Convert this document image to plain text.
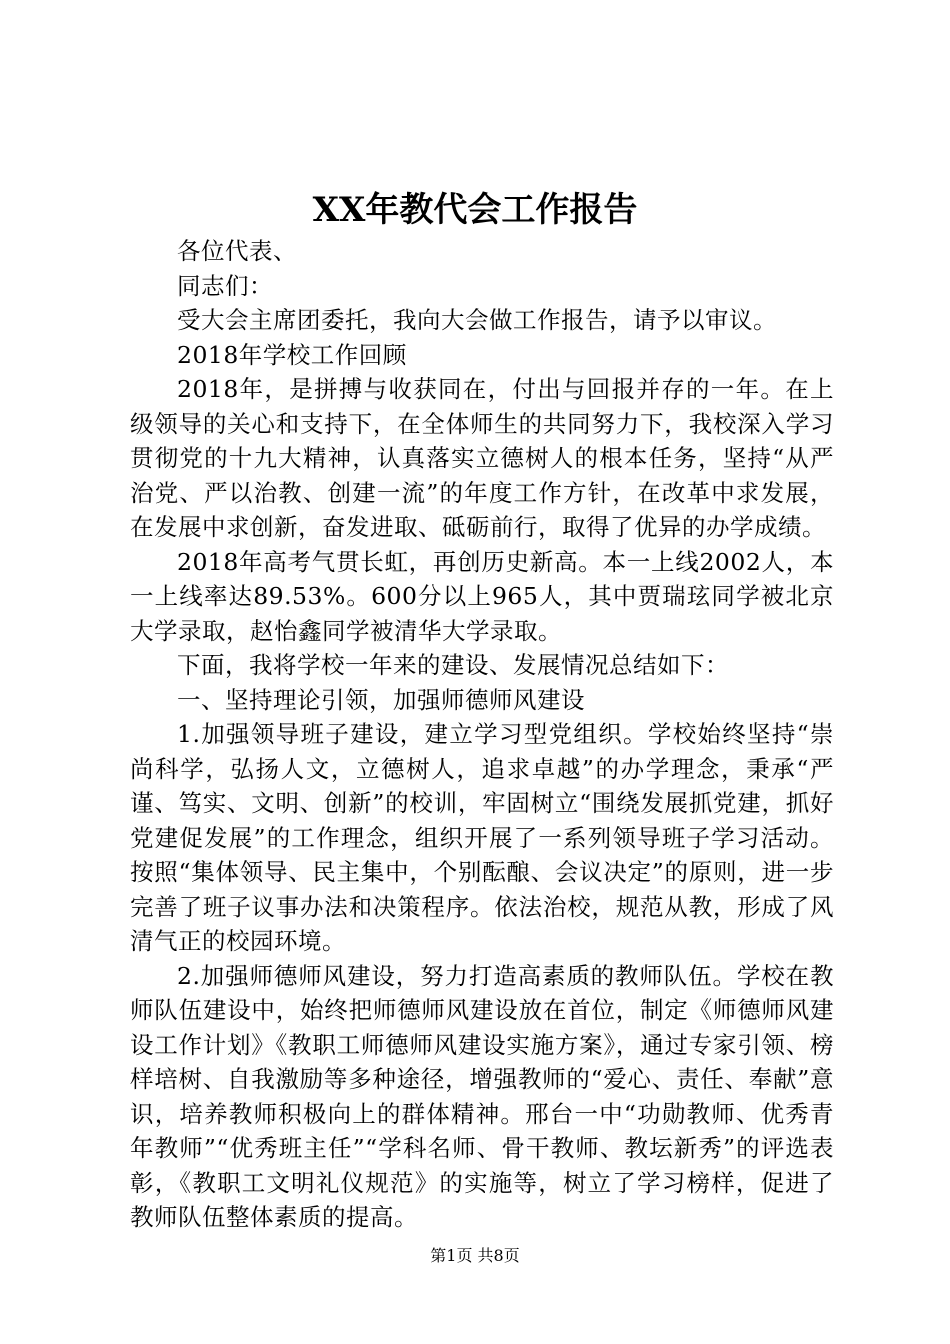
XX年教代会工作报告

各位代表、

同志们：

受大会主席团委托，我向大会做工作报告，请予以审议。

2018年学校工作回顾

2018年，是拼搏与收获同在，付出与回报并存的一年。在上级领导的关心和支持下，在全体师生的共同努力下，我校深入学习贯彻党的十九大精神，认真落实立德树人的根本任务，坚持“从严治党、严以治教、创建一流”的年度工作方针，在改革中求发展，在发展中求创新，奋发进取、砥砺前行，取得了优异的办学成绩。

2018年高考气贯长虹，再创历史新高。本一上线2002人，本一上线率达89.53%。600分以上965人，其中贾瑞玹同学被北京大学录取，赵怡鑫同学被清华大学录取。

下面，我将学校一年来的建设、发展情况总结如下：

一、坚持理论引领，加强师德师风建设

1.加强领导班子建设，建立学习型党组织。学校始终坚持“崇尚科学，弘扬人文，立德树人，追求卓越”的办学理念，秉承“严谨、笃实、文明、创新”的校训，牢固树立“围绕发展抓党建，抓好党建促发展”的工作理念，组织开展了一系列领导班子学习活动。按照“集体领导、民主集中，个别酝酿、会议决定”的原则，进一步完善了班子议事办法和决策程序。依法治校，规范从教，形成了风清气正的校园环境。

2.加强师德师风建设，努力打造高素质的教师队伍。学校在教师队伍建设中，始终把师德师风建设放在首位，制定《师德师风建设工作计划》《教职工师德师风建设实施方案》，通过专家引领、榜样培树、自我激励等多种途径，增强教师的“爱心、责任、奉献”意识，培养教师积极向上的群体精神。邢台一中“功勋教师、优秀青年教师”“优秀班主任”“学科名师、骨干教师、教坛新秀”的评选表彰，《教职工文明礼仪规范》的实施等，树立了学习榜样，促进了教师队伍整体素质的提高。

第1页 共8页
